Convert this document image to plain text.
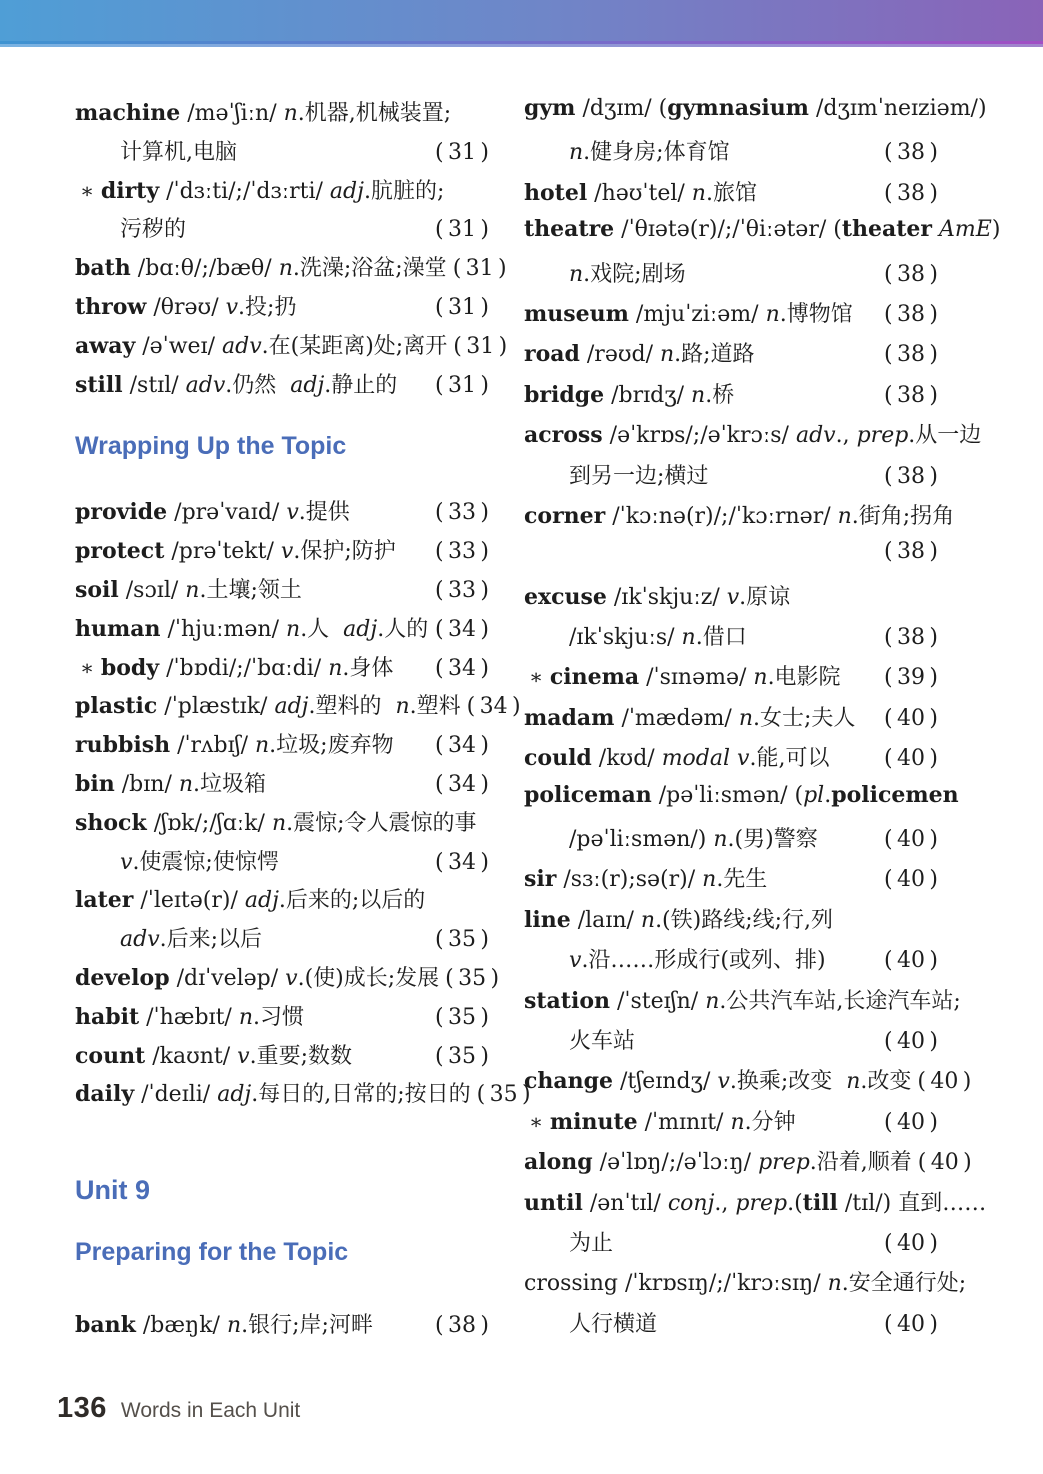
machine /məˈʃiːn/ n.机器,机械装置;
计算机,电脑	( 31 )
∗ dirty /ˈdɜːti/;/ˈdɜːrti/ adj.肮脏的;
污秽的	( 31 )
bath /bɑːθ/;/bæθ/ n.洗澡;浴盆;澡堂 ( 31 )
throw /θrəʊ/ v.投;扔	( 31 )
away /əˈweɪ/ adv.在(某距离)处;离开 ( 31 )
still /stɪl/ adv.仍然  adj.静止的 ( 31 )
Wrapping Up the Topic
provide /prəˈvaɪd/ v.提供	( 33 )
protect /prəˈtekt/ v.保护;防护 ( 33 )
soil /sɔɪl/ n.土壤;领土	( 33 )
human /ˈhjuːmən/ n.人  adj.人的 ( 34 )
∗ body /ˈbɒdi/;/ˈbɑːdi/ n.身体 ( 34 )
plastic /ˈplæstɪk/ adj.塑料的  n.塑料 ( 34 )
rubbish /ˈrʌbɪʃ/ n.垃圾;废弃物 ( 34 )
bin /bɪn/ n.垃圾箱	( 34 )
shock /ʃɒk/;/ʃɑːk/ n.震惊;令人震惊的事
v.使震惊;使惊愕	( 34 )
later /ˈleɪtə(r)/ adj.后来的;以后的
adv.后来;以后	( 35 )
develop /dɪˈveləp/ v.(使)成长;发展 ( 35 )
habit /ˈhæbɪt/ n.习惯	( 35 )
count /kaʊnt/ v.重要;数数	( 35 )
daily /ˈdeɪli/ adj.每日的,日常的;按日的 ( 35 )
Unit 9
Preparing for the Topic
bank /bæŋk/ n.银行;岸;河畔	( 38 )
gym /dʒɪm/ (gymnasium /dʒɪmˈneɪziəm/)
n.健身房;体育馆	( 38 )
hotel /həʊˈtel/ n.旅馆	( 38 )
theatre /ˈθɪətə(r)/;/ˈθiːətər/ (theater AmE)
n.戏院;剧场	( 38 )
museum /mjuˈziːəm/ n.博物馆 ( 38 )
road /rəʊd/ n.路;道路	( 38 )
bridge /brɪdʒ/ n.桥	( 38 )
across /əˈkrɒs/;/əˈkrɔːs/ adv., prep.从一边
到另一边;横过	( 38 )
corner /ˈkɔːnə(r)/;/ˈkɔːrnər/ n.街角;拐角
( 38 )
excuse /ɪkˈskjuːz/ v.原谅
/ɪkˈskjuːs/ n.借口	( 38 )
∗ cinema /ˈsɪnəmə/ n.电影院 ( 39 )
madam /ˈmædəm/ n.女士;夫人 ( 40 )
could /kʊd/ modal v.能,可以 ( 40 )
policeman /pəˈliːsmən/ (pl.policemen
/pəˈliːsmən/) n.(男)警察	( 40 )
sir /sɜː(r);sə(r)/ n.先生	( 40 )
line /laɪn/ n.(铁)路线;线;行,列
v.沿……形成行(或列、排)	( 40 )
station /ˈsteɪʃn/ n.公共汽车站,长途汽车站;
火车站	( 40 )
change /tʃeɪndʒ/ v.换乘;改变  n.改变 ( 40 )
∗ minute /ˈmɪnɪt/ n.分钟	( 40 )
along /əˈlɒŋ/;/əˈlɔːŋ/ prep.沿着,顺着 ( 40 )
until /ənˈtɪl/ conj., prep.(till /tɪl/) 直到……
为止	( 40 )
crossing /ˈkrɒsɪŋ/;/ˈkrɔːsɪŋ/ n.安全通行处;
人行横道	( 40 )
136 Words in Each Unit
